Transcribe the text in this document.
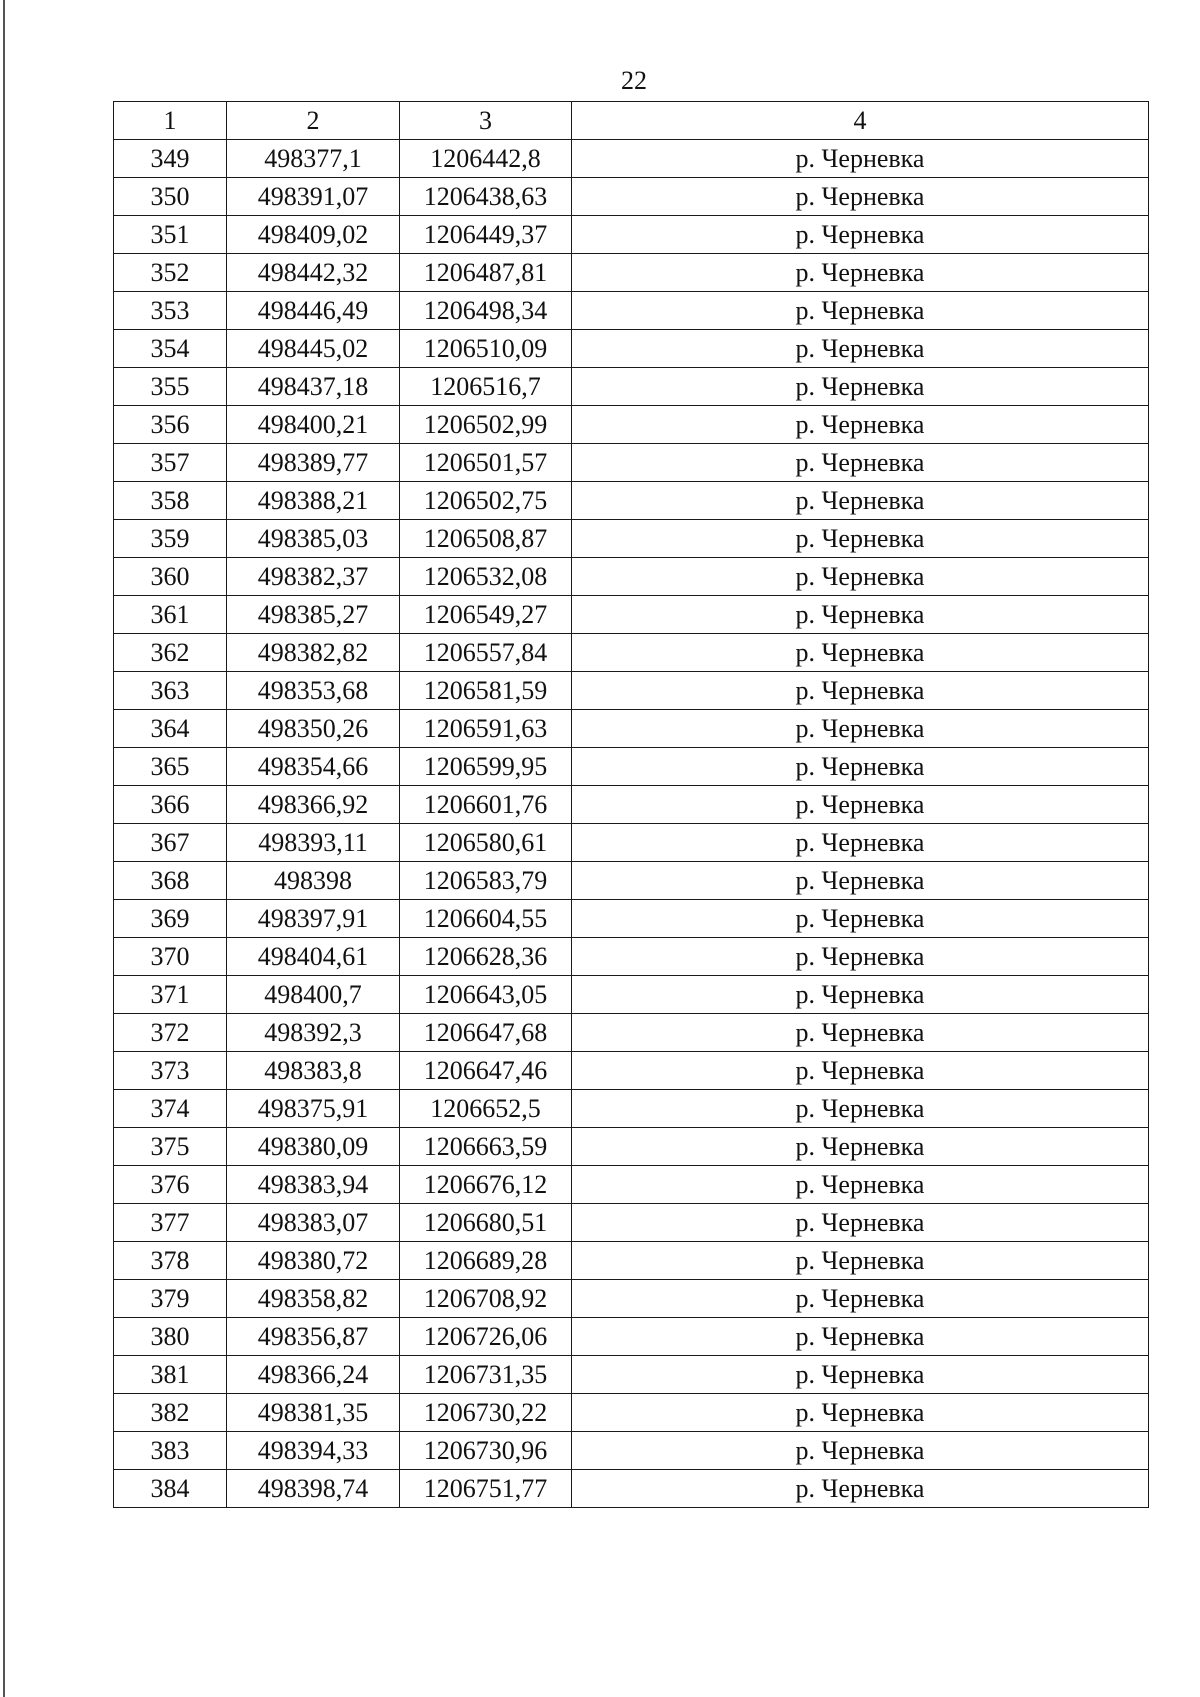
22
1	2	3	4
349	498377,1	1206442,8	р. Черневка
350	498391,07	1206438,63	р. Черневка
351	498409,02	1206449,37	р. Черневка
352	498442,32	1206487,81	р. Черневка
353	498446,49	1206498,34	р. Черневка
354	498445,02	1206510,09	р. Черневка
355	498437,18	1206516,7	р. Черневка
356	498400,21	1206502,99	р. Черневка
357	498389,77	1206501,57	р. Черневка
358	498388,21	1206502,75	р. Черневка
359	498385,03	1206508,87	р. Черневка
360	498382,37	1206532,08	р. Черневка
361	498385,27	1206549,27	р. Черневка
362	498382,82	1206557,84	р. Черневка
363	498353,68	1206581,59	р. Черневка
364	498350,26	1206591,63	р. Черневка
365	498354,66	1206599,95	р. Черневка
366	498366,92	1206601,76	р. Черневка
367	498393,11	1206580,61	р. Черневка
368	498398	1206583,79	р. Черневка
369	498397,91	1206604,55	р. Черневка
370	498404,61	1206628,36	р. Черневка
371	498400,7	1206643,05	р. Черневка
372	498392,3	1206647,68	р. Черневка
373	498383,8	1206647,46	р. Черневка
374	498375,91	1206652,5	р. Черневка
375	498380,09	1206663,59	р. Черневка
376	498383,94	1206676,12	р. Черневка
377	498383,07	1206680,51	р. Черневка
378	498380,72	1206689,28	р. Черневка
379	498358,82	1206708,92	р. Черневка
380	498356,87	1206726,06	р. Черневка
381	498366,24	1206731,35	р. Черневка
382	498381,35	1206730,22	р. Черневка
383	498394,33	1206730,96	р. Черневка
384	498398,74	1206751,77	р. Черневка
